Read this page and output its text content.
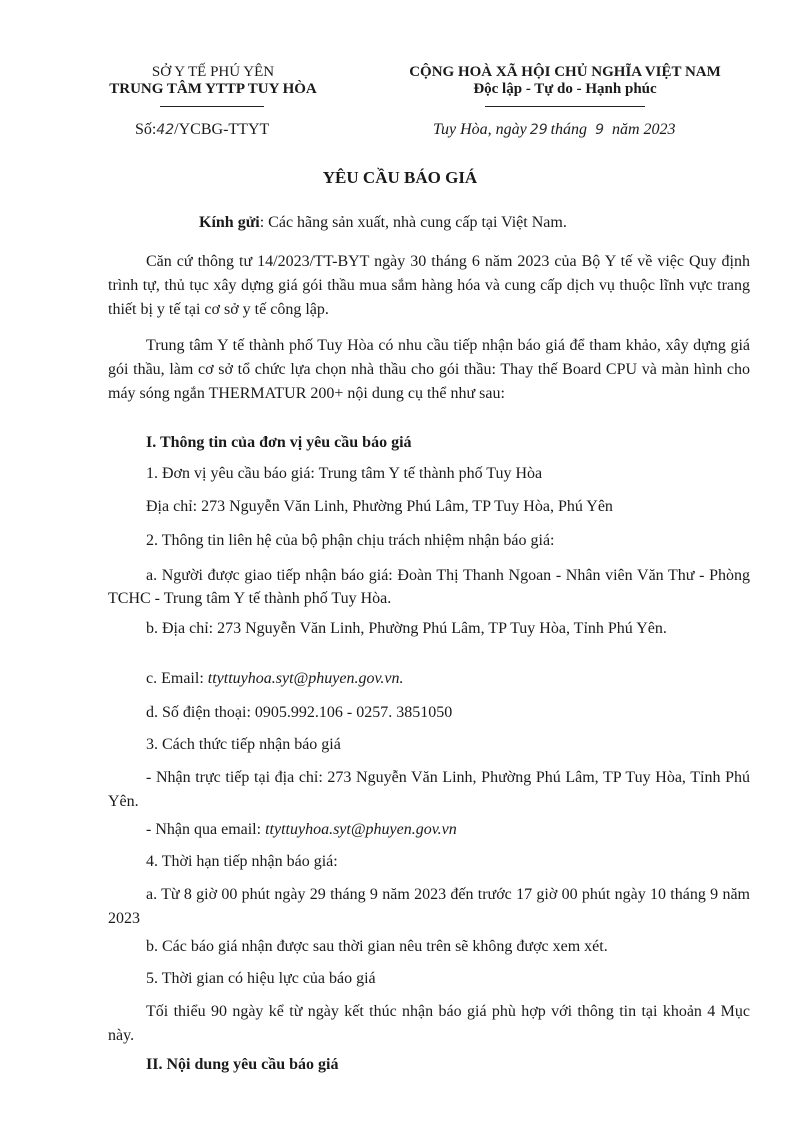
SỞ Y TẾ PHÚ YÊN
TRUNG TÂM YTTP TUY HÒA
Số:42/YCBG-TTYT
CỘNG HOÀ XÃ HỘI CHỦ NGHĨA VIỆT NAM
Độc lập - Tự do - Hạnh phúc
Tuy Hòa, ngày 29 tháng 9 năm 2023
YÊU CẦU BÁO GIÁ
Kính gửi: Các hãng sản xuất, nhà cung cấp tại Việt Nam.
Căn cứ thông tư 14/2023/TT-BYT ngày 30 tháng 6 năm 2023 của Bộ Y tế về việc Quy định trình tự, thủ tục xây dựng giá gói thầu mua sắm hàng hóa và cung cấp dịch vụ thuộc lĩnh vực trang thiết bị y tế tại cơ sở y tế công lập.
Trung tâm Y tế thành phố Tuy Hòa có nhu cầu tiếp nhận báo giá để tham khảo, xây dựng giá gói thầu, làm cơ sở tổ chức lựa chọn nhà thầu cho gói thầu: Thay thế Board CPU và màn hình cho máy sóng ngắn THERMATUR 200+ nội dung cụ thể như sau:
I. Thông tin của đơn vị yêu cầu báo giá
1. Đơn vị yêu cầu báo giá: Trung tâm Y tế thành phố Tuy Hòa
Địa chỉ: 273 Nguyễn Văn Linh, Phường Phú Lâm, TP Tuy Hòa, Phú Yên
2. Thông tin liên hệ của bộ phận chịu trách nhiệm nhận báo giá:
a. Người được giao tiếp nhận báo giá: Đoàn Thị Thanh Ngoan - Nhân viên Văn Thư - Phòng TCHC - Trung tâm Y tế thành phố Tuy Hòa.
b. Địa chỉ: 273 Nguyễn Văn Linh, Phường Phú Lâm, TP Tuy Hòa, Tỉnh Phú Yên.
c. Email: ttyttuyhoa.syt@phuyen.gov.vn.
d. Số điện thoại: 0905.992.106 - 0257. 3851050
3. Cách thức tiếp nhận báo giá
- Nhận trực tiếp tại địa chỉ: 273 Nguyễn Văn Linh, Phường Phú Lâm, TP Tuy Hòa, Tỉnh Phú Yên.
- Nhận qua email: ttyttuyhoa.syt@phuyen.gov.vn
4. Thời hạn tiếp nhận báo giá:
a. Từ 8 giờ 00 phút ngày 29 tháng 9 năm 2023 đến trước 17 giờ 00 phút ngày 10 tháng 9 năm 2023
b. Các báo giá nhận được sau thời gian nêu trên sẽ không được xem xét.
5. Thời gian có hiệu lực của báo giá
Tối thiểu 90 ngày kể từ ngày kết thúc nhận báo giá phù hợp với thông tin tại khoản 4 Mục này.
II. Nội dung yêu cầu báo giá
